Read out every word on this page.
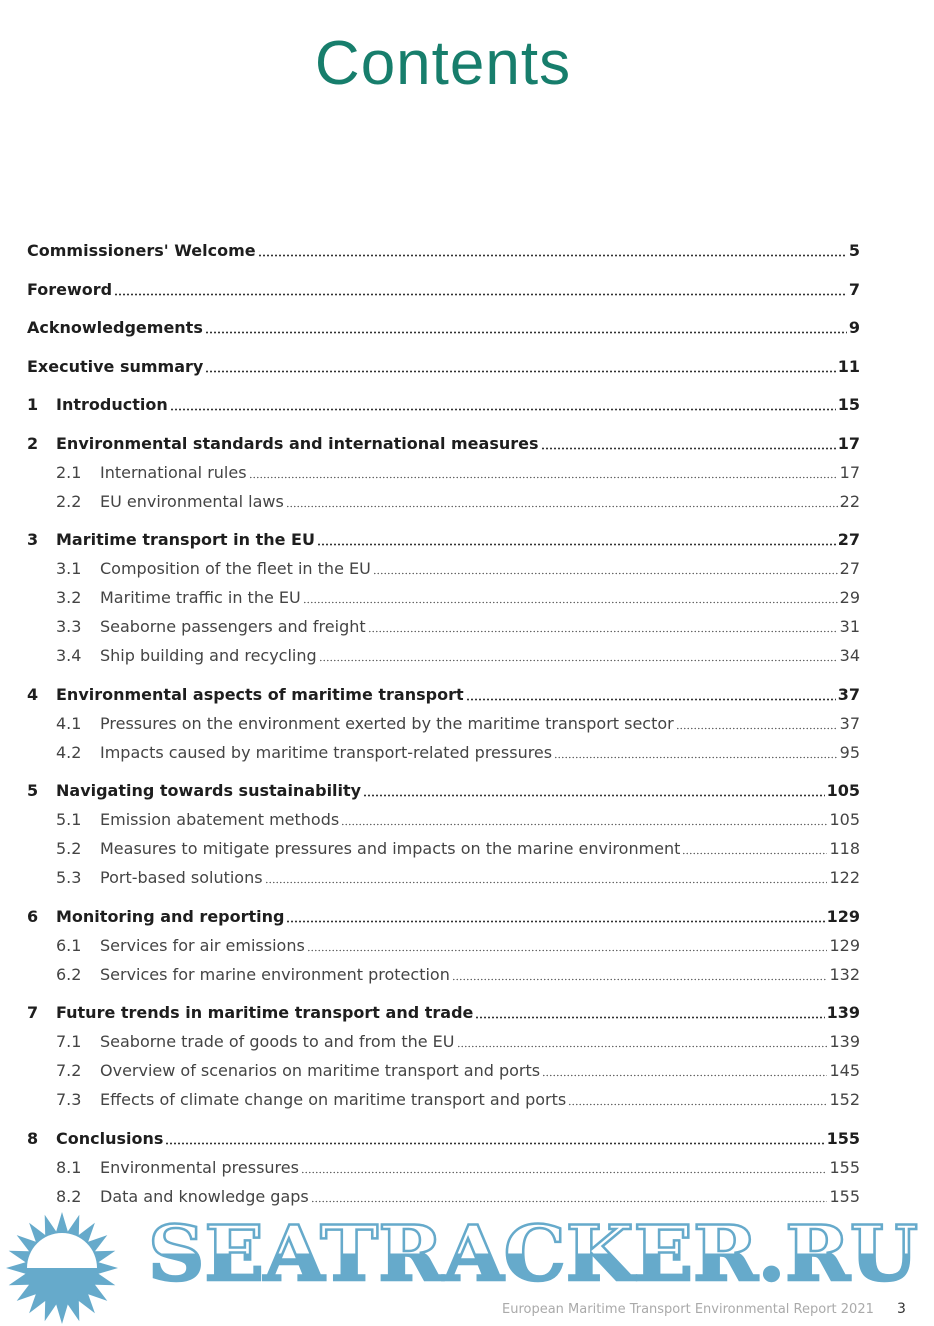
Contents
Commissioners' Welcome	5
Foreword	7
Acknowledgements	9
Executive summary	11
1	Introduction	15
2	Environmental standards and international measures	17
2.1	International rules	17
2.2	EU environmental laws	22
3	Maritime transport in the EU	27
3.1	Composition of the fleet in the EU	27
3.2	Maritime traffic in the EU	29
3.3	Seaborne passengers and freight	31
3.4	Ship building and recycling	34
4	Environmental aspects of maritime transport	37
4.1	Pressures on the environment exerted by the maritime transport sector	37
4.2	Impacts caused by maritime transport-related pressures	95
5	Navigating towards sustainability	105
5.1	Emission abatement methods	105
5.2	Measures to mitigate pressures and impacts on the marine environment	118
5.3	Port-based solutions	122
6	Monitoring and reporting	129
6.1	Services for air emissions	129
6.2	Services for marine environment protection	132
7	Future trends in maritime transport and trade	139
7.1	Seaborne trade of goods to and from the EU	139
7.2	Overview of scenarios on maritime transport and ports	145
7.3	Effects of climate change on maritime transport and ports	152
8	Conclusions	155
8.1	Environmental pressures	155
8.2	Data and knowledge gaps	155
SEATRACKER.RU
European Maritime Transport Environmental Report 2021 3
